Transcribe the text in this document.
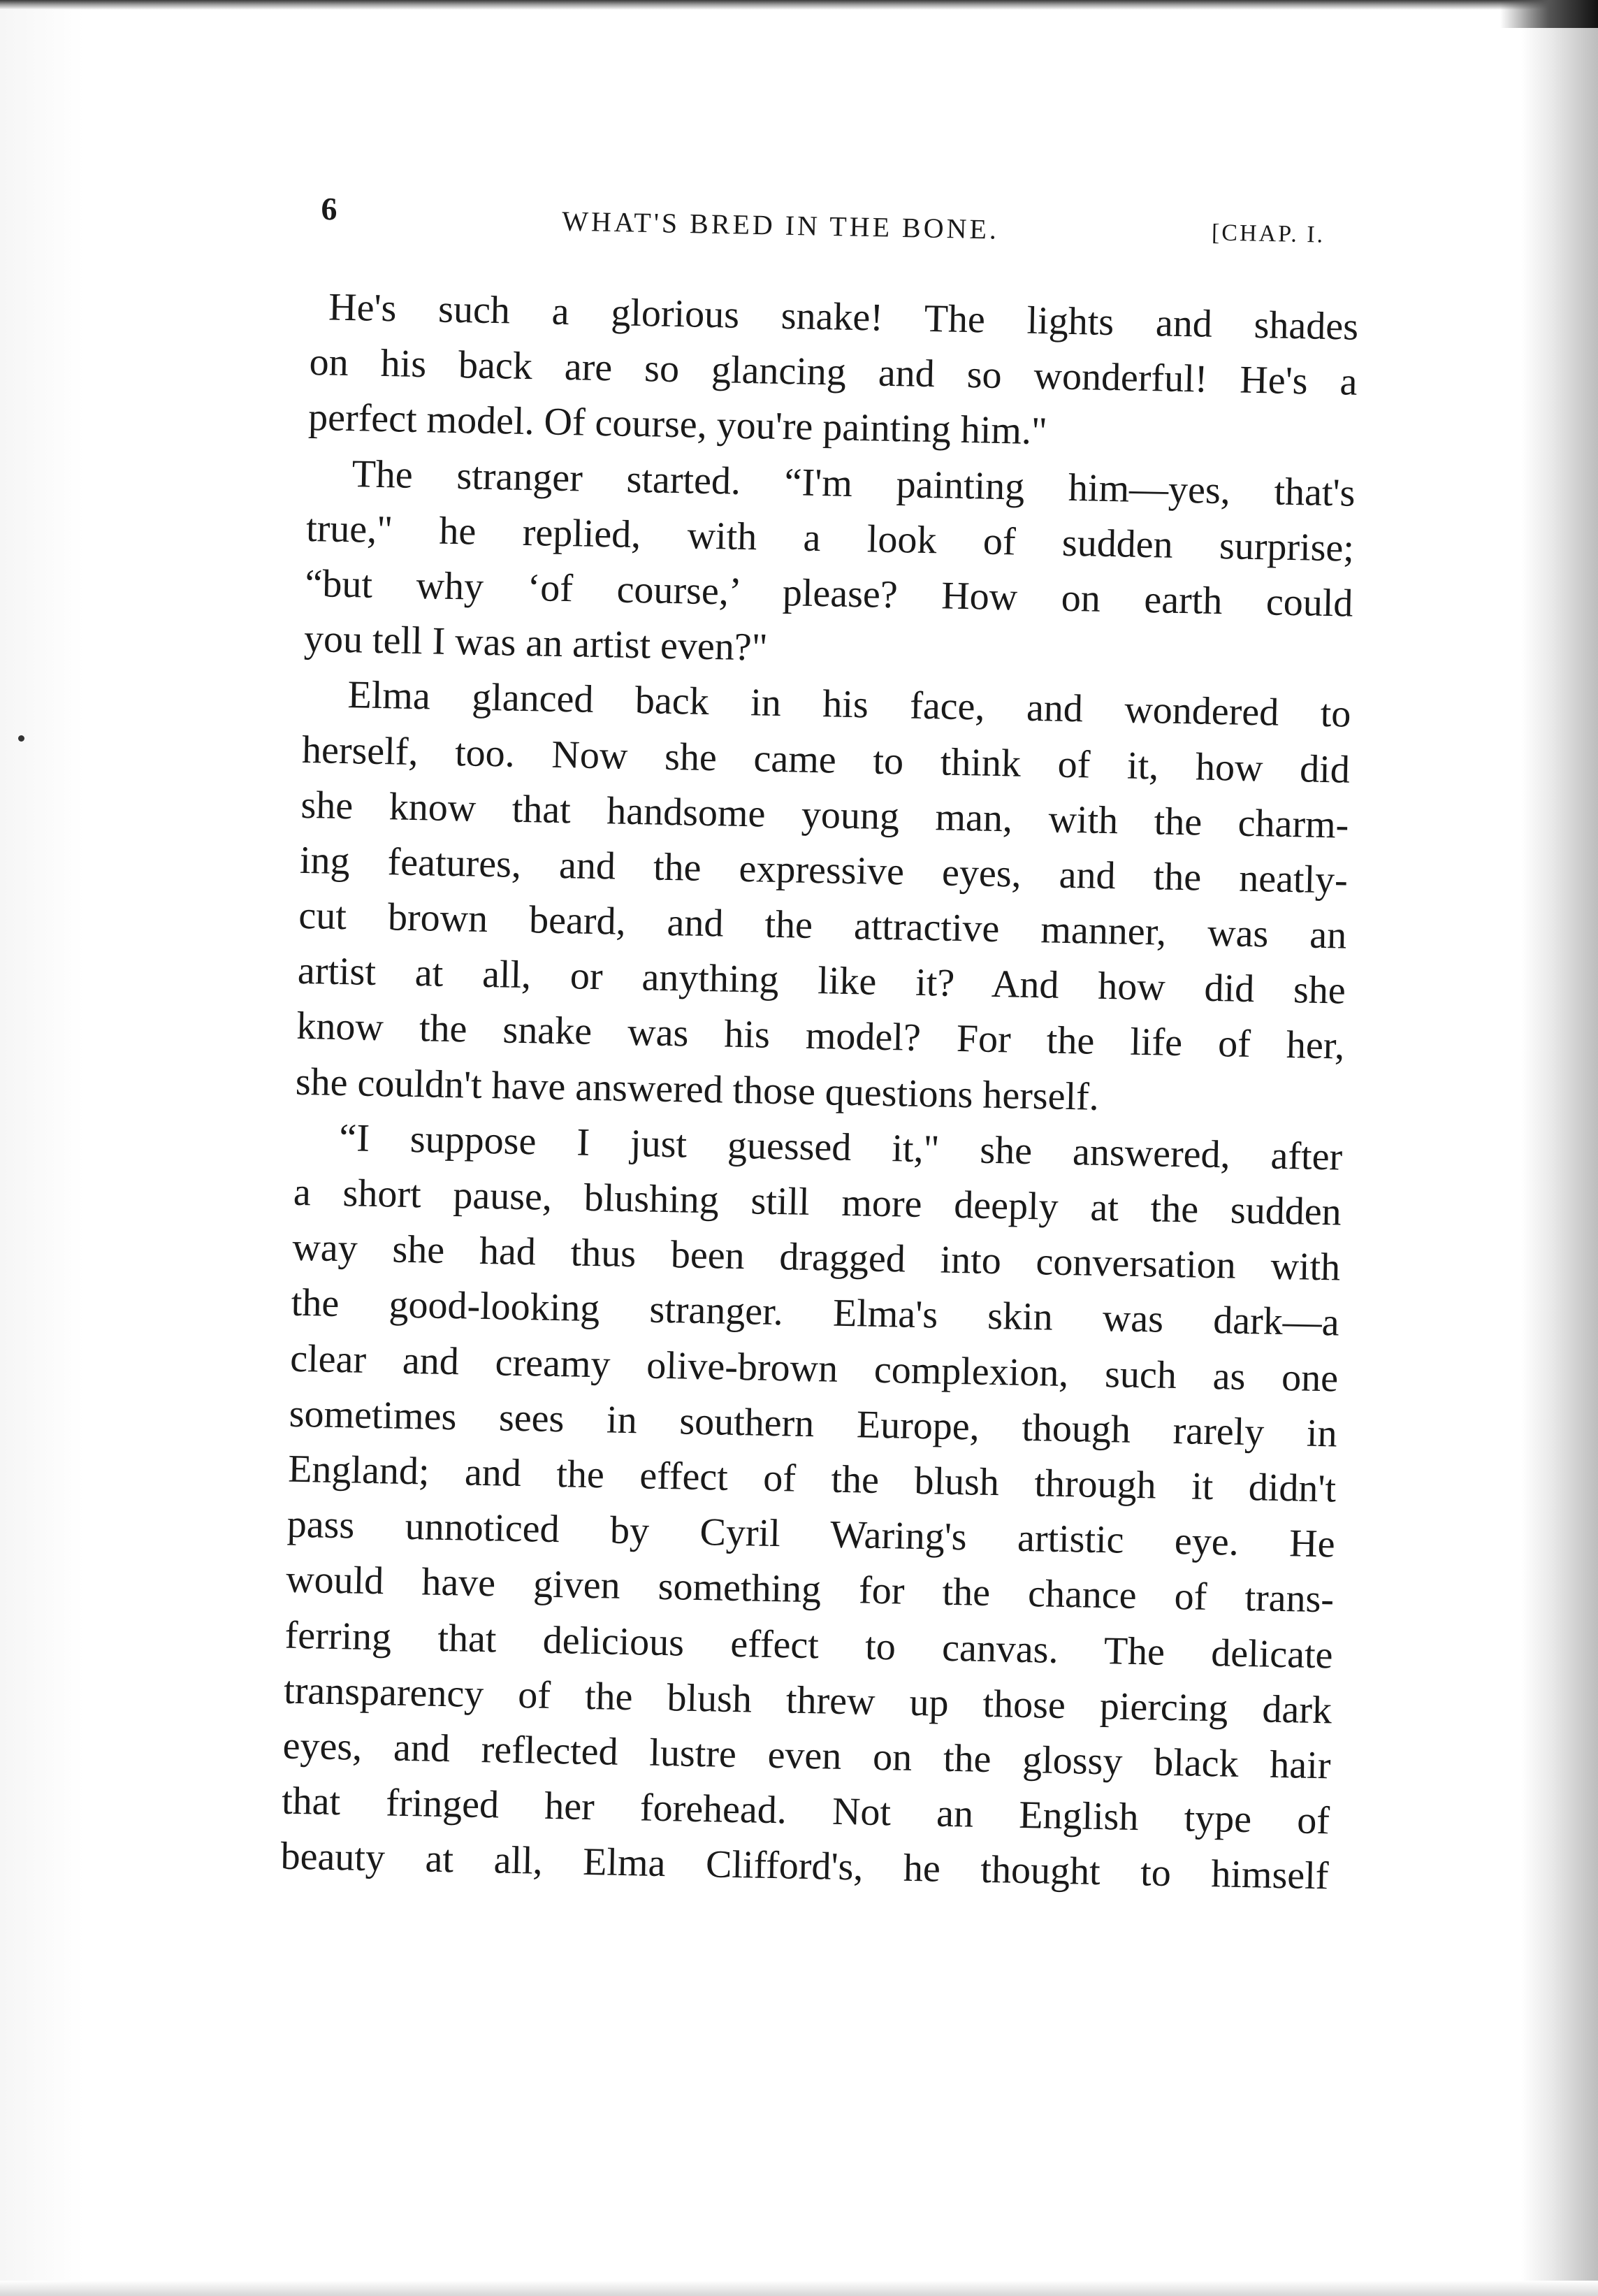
6	WHAT'S BRED IN THE BONE.	[CHAP. I.
He's such a glorious snake! The lights and shades
on his back are so glancing and so wonderful! He's a
perfect model. Of course, you're painting him."
The stranger started. “I'm painting him—yes, that's
true," he replied, with a look of sudden surprise;
“but why ‘of course,’ please? How on earth could
you tell I was an artist even?"
Elma glanced back in his face, and wondered to
herself, too. Now she came to think of it, how did
she know that handsome young man, with the charm-
ing features, and the expressive eyes, and the neatly-
cut brown beard, and the attractive manner, was an
artist at all, or anything like it? And how did she
know the snake was his model? For the life of her,
she couldn't have answered those questions herself.
“I suppose I just guessed it," she answered, after
a short pause, blushing still more deeply at the sudden
way she had thus been dragged into conversation with
the good-looking stranger. Elma's skin was dark—a
clear and creamy olive-brown complexion, such as one
sometimes sees in southern Europe, though rarely in
England; and the effect of the blush through it didn't
pass unnoticed by Cyril Waring's artistic eye. He
would have given something for the chance of trans-
ferring that delicious effect to canvas. The delicate
transparency of the blush threw up those piercing dark
eyes, and reflected lustre even on the glossy black hair
that fringed her forehead. Not an English type of
beauty at all, Elma Clifford's, he thought to himself
